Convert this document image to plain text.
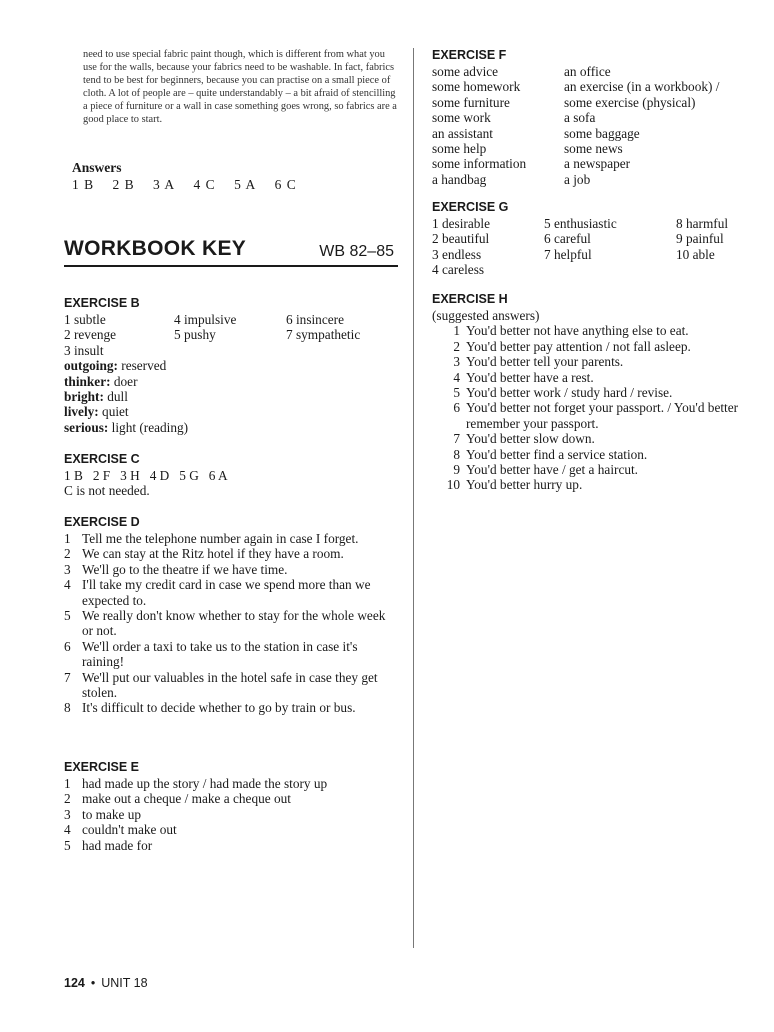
need to use special fabric paint though, which is different from what you use for the walls, because your fabrics need to be washable. In fact, fabrics tend to be best for beginners, because you can practise on a small piece of cloth. A lot of people are – quite understandably – a bit afraid of stencilling a piece of furniture or a wall in case something goes wrong, so fabrics are a good place to start.

Answers
1 B 2 B 3 A 4 C 5 A 6 C
WORKBOOK KEY	WB 82–85
EXERCISE B
1 subtle	4 impulsive	6 insincere
2 revenge	5 pushy	7 sympathetic
3 insult
outgoing: reserved
thinker: doer
bright: dull
lively: quiet
serious: light (reading)
EXERCISE C
1 B   2 F   3 H   4 D   5 G   6 A
C is not needed.
EXERCISE D
1 Tell me the telephone number again in case I forget.
2 We can stay at the Ritz hotel if they have a room.
3 We'll go to the theatre if we have time.
4 I'll take my credit card in case we spend more than we expected to.
5 We really don't know whether to stay for the whole week or not.
6 We'll order a taxi to take us to the station in case it's raining!
7 We'll put our valuables in the hotel safe in case they get stolen.
8 It's difficult to decide whether to go by train or bus.
EXERCISE E
1 had made up the story / had made the story up
2 make out a cheque / make a cheque out
3 to make up
4 couldn't make out
5 had made for
EXERCISE F
some advice	an office
some homework	an exercise (in a workbook) /
some furniture	some exercise (physical)
some work	a sofa
an assistant	some baggage
some help	some news
some information	a newspaper
a handbag	a job
EXERCISE G
1 desirable	5 enthusiastic	8 harmful
2 beautiful	6 careful	9 painful
3 endless	7 helpful	10 able
4 careless
EXERCISE H
(suggested answers)
1 You'd better not have anything else to eat.
2 You'd better pay attention / not fall asleep.
3 You'd better tell your parents.
4 You'd better have a rest.
5 You'd better work / study hard / revise.
6 You'd better not forget your passport. / You'd better remember your passport.
7 You'd better slow down.
8 You'd better find a service station.
9 You'd better have / get a haircut.
10 You'd better hurry up.
124 • UNIT 18
